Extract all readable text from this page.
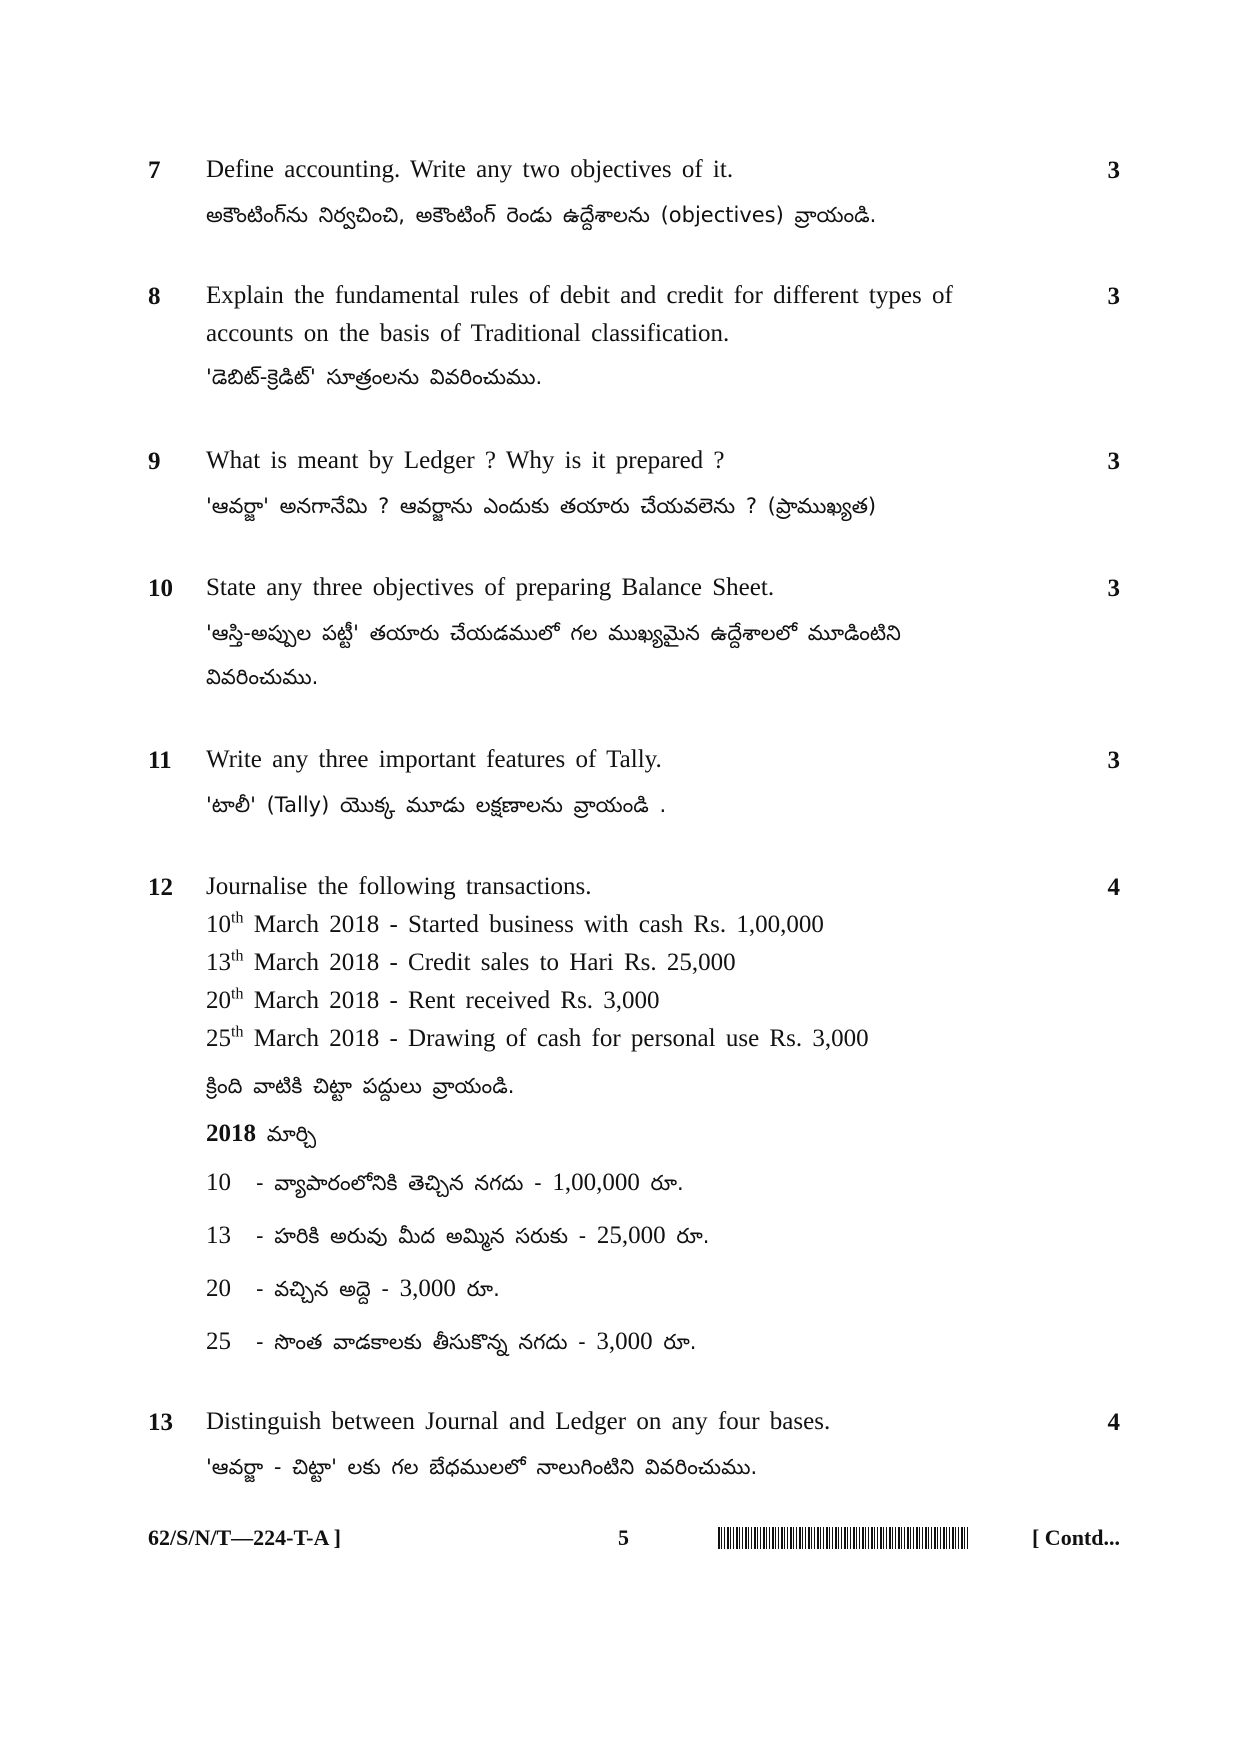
7 Define accounting. Write any two objectives of it.
అకౌంటింగ్‌ను నిర్వచించి, అకౌంటింగ్ రెండు ఉద్దేశాలను (objectives) వ్రాయండి.
3
8 Explain the fundamental rules of debit and credit for different types of
accounts on the basis of Traditional classification.
'డెబిట్-క్రెడిట్' సూత్రంలను వివరించుము.
3
9 What is meant by Ledger ? Why is it prepared ?
'ఆవర్జా' అనగానేమి ? ఆవర్జాను ఎందుకు తయారు చేయవలెను ? (ప్రాముఖ్యత)
3
10 State any three objectives of preparing Balance Sheet.
'ఆస్తి-అప్పుల పట్టీ' తయారు చేయడములో గల ముఖ్యమైన ఉద్దేశాలలో మూడింటిని
వివరించుము.
3
11 Write any three important features of Tally.
'టాలీ' (Tally) యొక్క మూడు లక్షణాలను వ్రాయండి .
3
12 Journalise the following transactions.
10th March 2018 - Started business with cash Rs. 1,00,000
13th March 2018 - Credit sales to Hari Rs. 25,000
20th March 2018 - Rent received Rs. 3,000
25th March 2018 - Drawing of cash for personal use Rs. 3,000
క్రింది వాటికి చిట్టా పద్దులు వ్రాయండి.
2018 మార్చి
10 - వ్యాపారంలోనికి తెచ్చిన నగదు - 1,00,000 రూ.
13 - హరికి అరువు మీద అమ్మిన సరుకు - 25,000 రూ.
20 - వచ్చిన అద్దె - 3,000 రూ.
25 - సొంత వాడకాలకు తీసుకొన్న నగదు - 3,000 రూ.
4
13 Distinguish between Journal and Ledger on any four bases.
'ఆవర్జా - చిట్టా' లకు గల బేధములలో నాలుగింటిని వివరించుము.
4
62/S/N/T—224-T-A ]	5	[ Contd...
